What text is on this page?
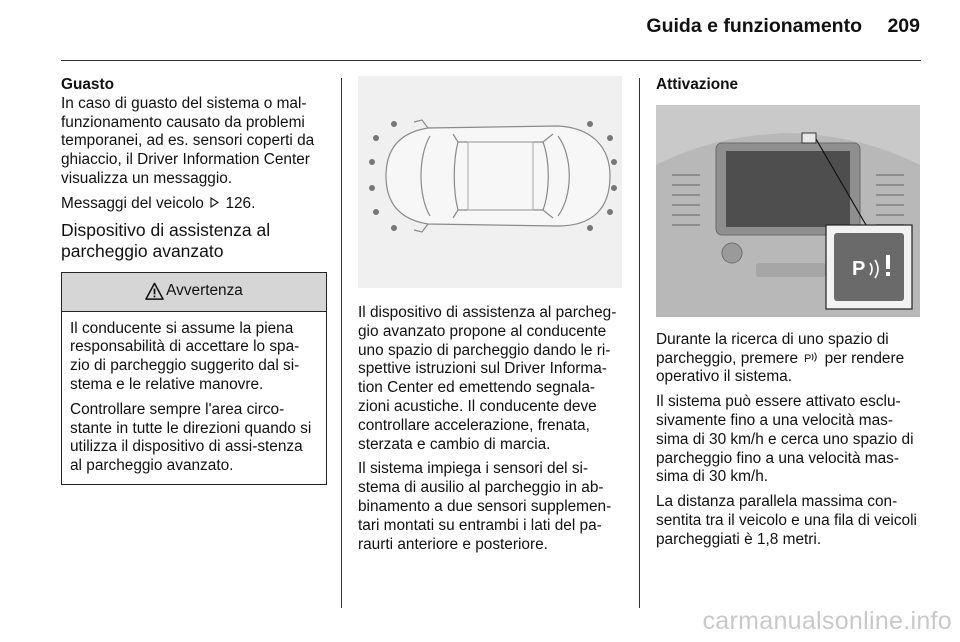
Guida e funzionamento 209
Guasto

In caso di guasto del sistema o mal-funzionamento causato da problemi temporanei, ad es. sensori coperti da ghiaccio, il Driver Information Center visualizza un messaggio.

Messaggi del veicolo 126.

Dispositivo di assistenza al parcheggio avanzato
Avvertenza

Il conducente si assume la piena responsabilità di accettare lo spa-zio di parcheggio suggerito dal si-stema e le relative manovre.

Controllare sempre l'area circo-stante in tutte le direzioni quando si utilizza il dispositivo di assi-stenza al parcheggio avanzato.

Il dispositivo di assistenza al parcheg-gio avanzato propone al conducente uno spazio di parcheggio dando le ri-spettive istruzioni sul Driver Informa-tion Center ed emettendo segnala-zioni acustiche. Il conducente deve controllare accelerazione, frenata, sterzata e cambio di marcia.

Il sistema impiega i sensori del si-stema di ausilio al parcheggio in ab-binamento a due sensori supplemen-tari montati su entrambi i lati del pa-raurti anteriore e posteriore.

Attivazione
P

Durante la ricerca di uno spazio di parcheggio, premere P per rendere operativo il sistema.

Il sistema può essere attivato esclu-sivamente fino a una velocità mas-sima di 30 km/h e cerca uno spazio di parcheggio fino a una velocità mas-sima di 30 km/h.

La distanza parallela massima con-sentita tra il veicolo e una fila di veicoli parcheggiati è 1,8 metri.

carmanualsonline.info
